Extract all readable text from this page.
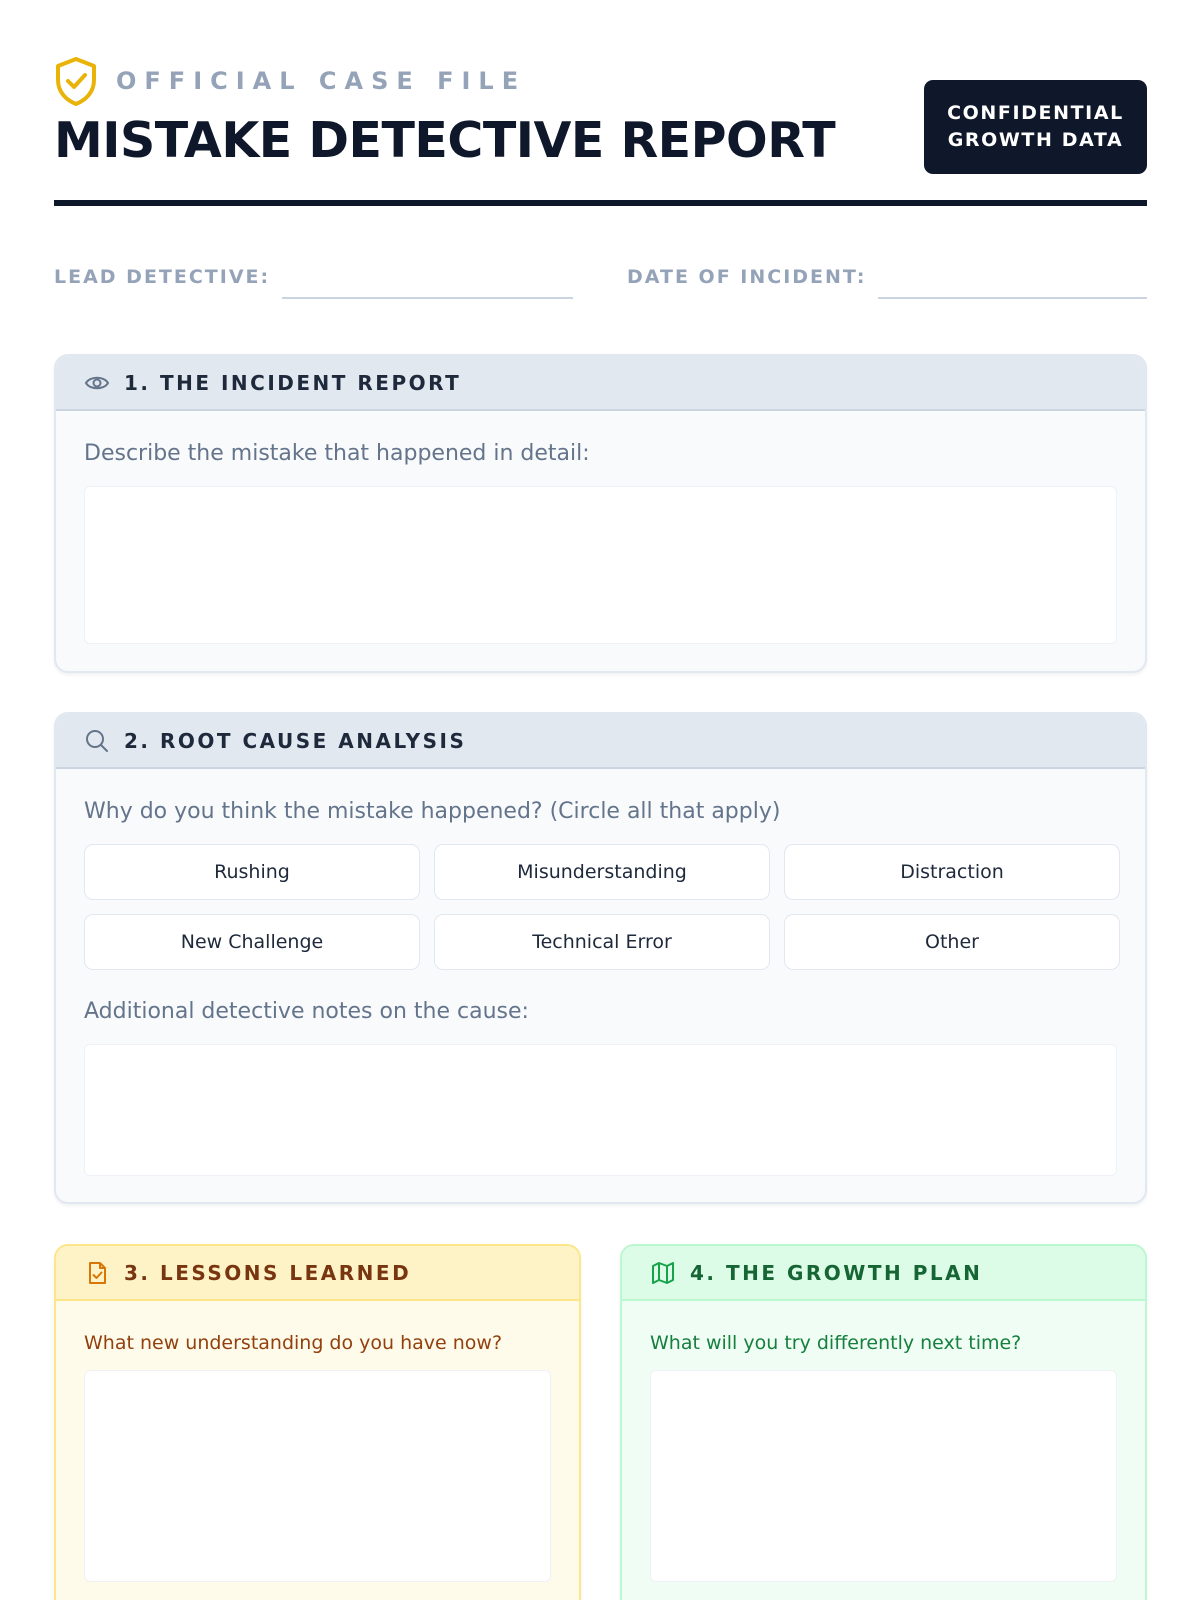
OFFICIAL CASE FILE
MISTAKE DETECTIVE REPORT	CONFIDENTIAL
GROWTH DATA
LEAD DETECTIVE:	DATE OF INCIDENT:
1. THE INCIDENT REPORT
Describe the mistake that happened in detail:
2. ROOT CAUSE ANALYSIS
Why do you think the mistake happened? (Circle all that apply)
Rushing	Misunderstanding	Distraction
New Challenge	Technical Error	Other
Additional detective notes on the cause:
3. LESSONS LEARNED
What new understanding do you have now?
4. THE GROWTH PLAN
What will you try differently next time?
